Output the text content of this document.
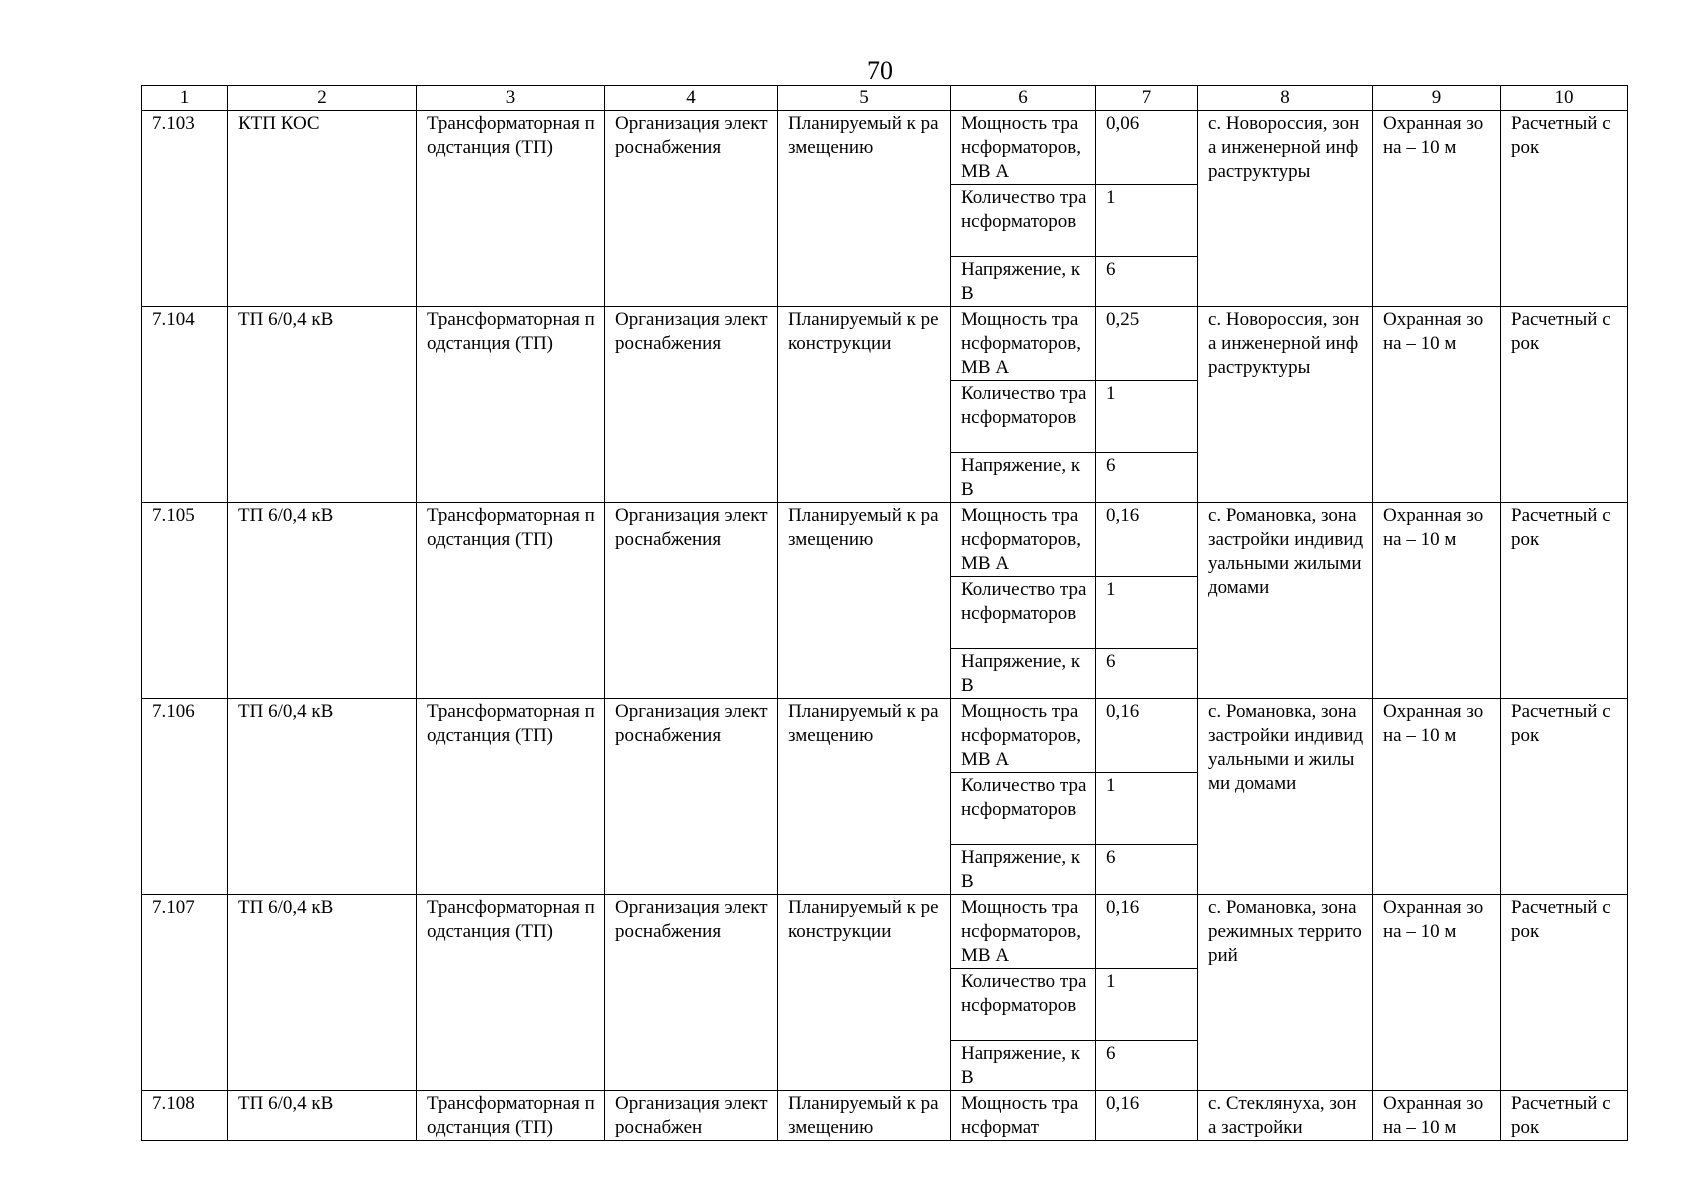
70
1	2	3	4	5	6	7	8	9	10
7.103	КТП КОС	Трансформаторная подстанция (ТП)	Организация электроснабжения	Планируемый к размещению	Мощность трансформаторов, МВ А	0,06	с. Новороссия, зона инженерной инфраструктуры	Охранная зона – 10 м	Расчетный срок
					Количество трансформаторов	1			
					Напряжение, кВ	6			
7.104	ТП 6/0,4 кВ	Трансформаторная подстанция (ТП)	Организация электроснабжения	Планируемый к реконструкции	Мощность трансформаторов, МВ А	0,25	с. Новороссия, зона инженерной инфраструктуры	Охранная зона – 10 м	Расчетный срок
					Количество трансформаторов	1			
					Напряжение, кВ	6			
7.105	ТП 6/0,4 кВ	Трансформаторная подстанция (ТП)	Организация электроснабжения	Планируемый к размещению	Мощность трансформаторов, МВ А	0,16	с. Романовка, зона застройки индивидуальными жилыми домами	Охранная зона – 10 м	Расчетный срок
					Количество трансформаторов	1			
					Напряжение, кВ	6			
7.106	ТП 6/0,4 кВ	Трансформаторная подстанция (ТП)	Организация электроснабжения	Планируемый к размещению	Мощность трансформаторов, МВ А	0,16	с. Романовка, зона застройки индивидуальными и жилыми домами	Охранная зона – 10 м	Расчетный срок
					Количество трансформаторов	1			
					Напряжение, кВ	6			
7.107	ТП 6/0,4 кВ	Трансформаторная подстанция (ТП)	Организация электроснабжения	Планируемый к реконструкции	Мощность трансформаторов, МВ А	0,16	с. Романовка, зона режимных территорий	Охранная зона – 10 м	Расчетный срок
					Количество трансформаторов	1			
					Напряжение, кВ	6			
7.108	ТП 6/0,4 кВ	Трансформаторная подстанция (ТП)	Организация электроснабжен	Планируемый к размещению	Мощность трансформат	0,16	с. Стеклянуха, зона застройки	Охранная зона – 10 м	Расчетный срок
